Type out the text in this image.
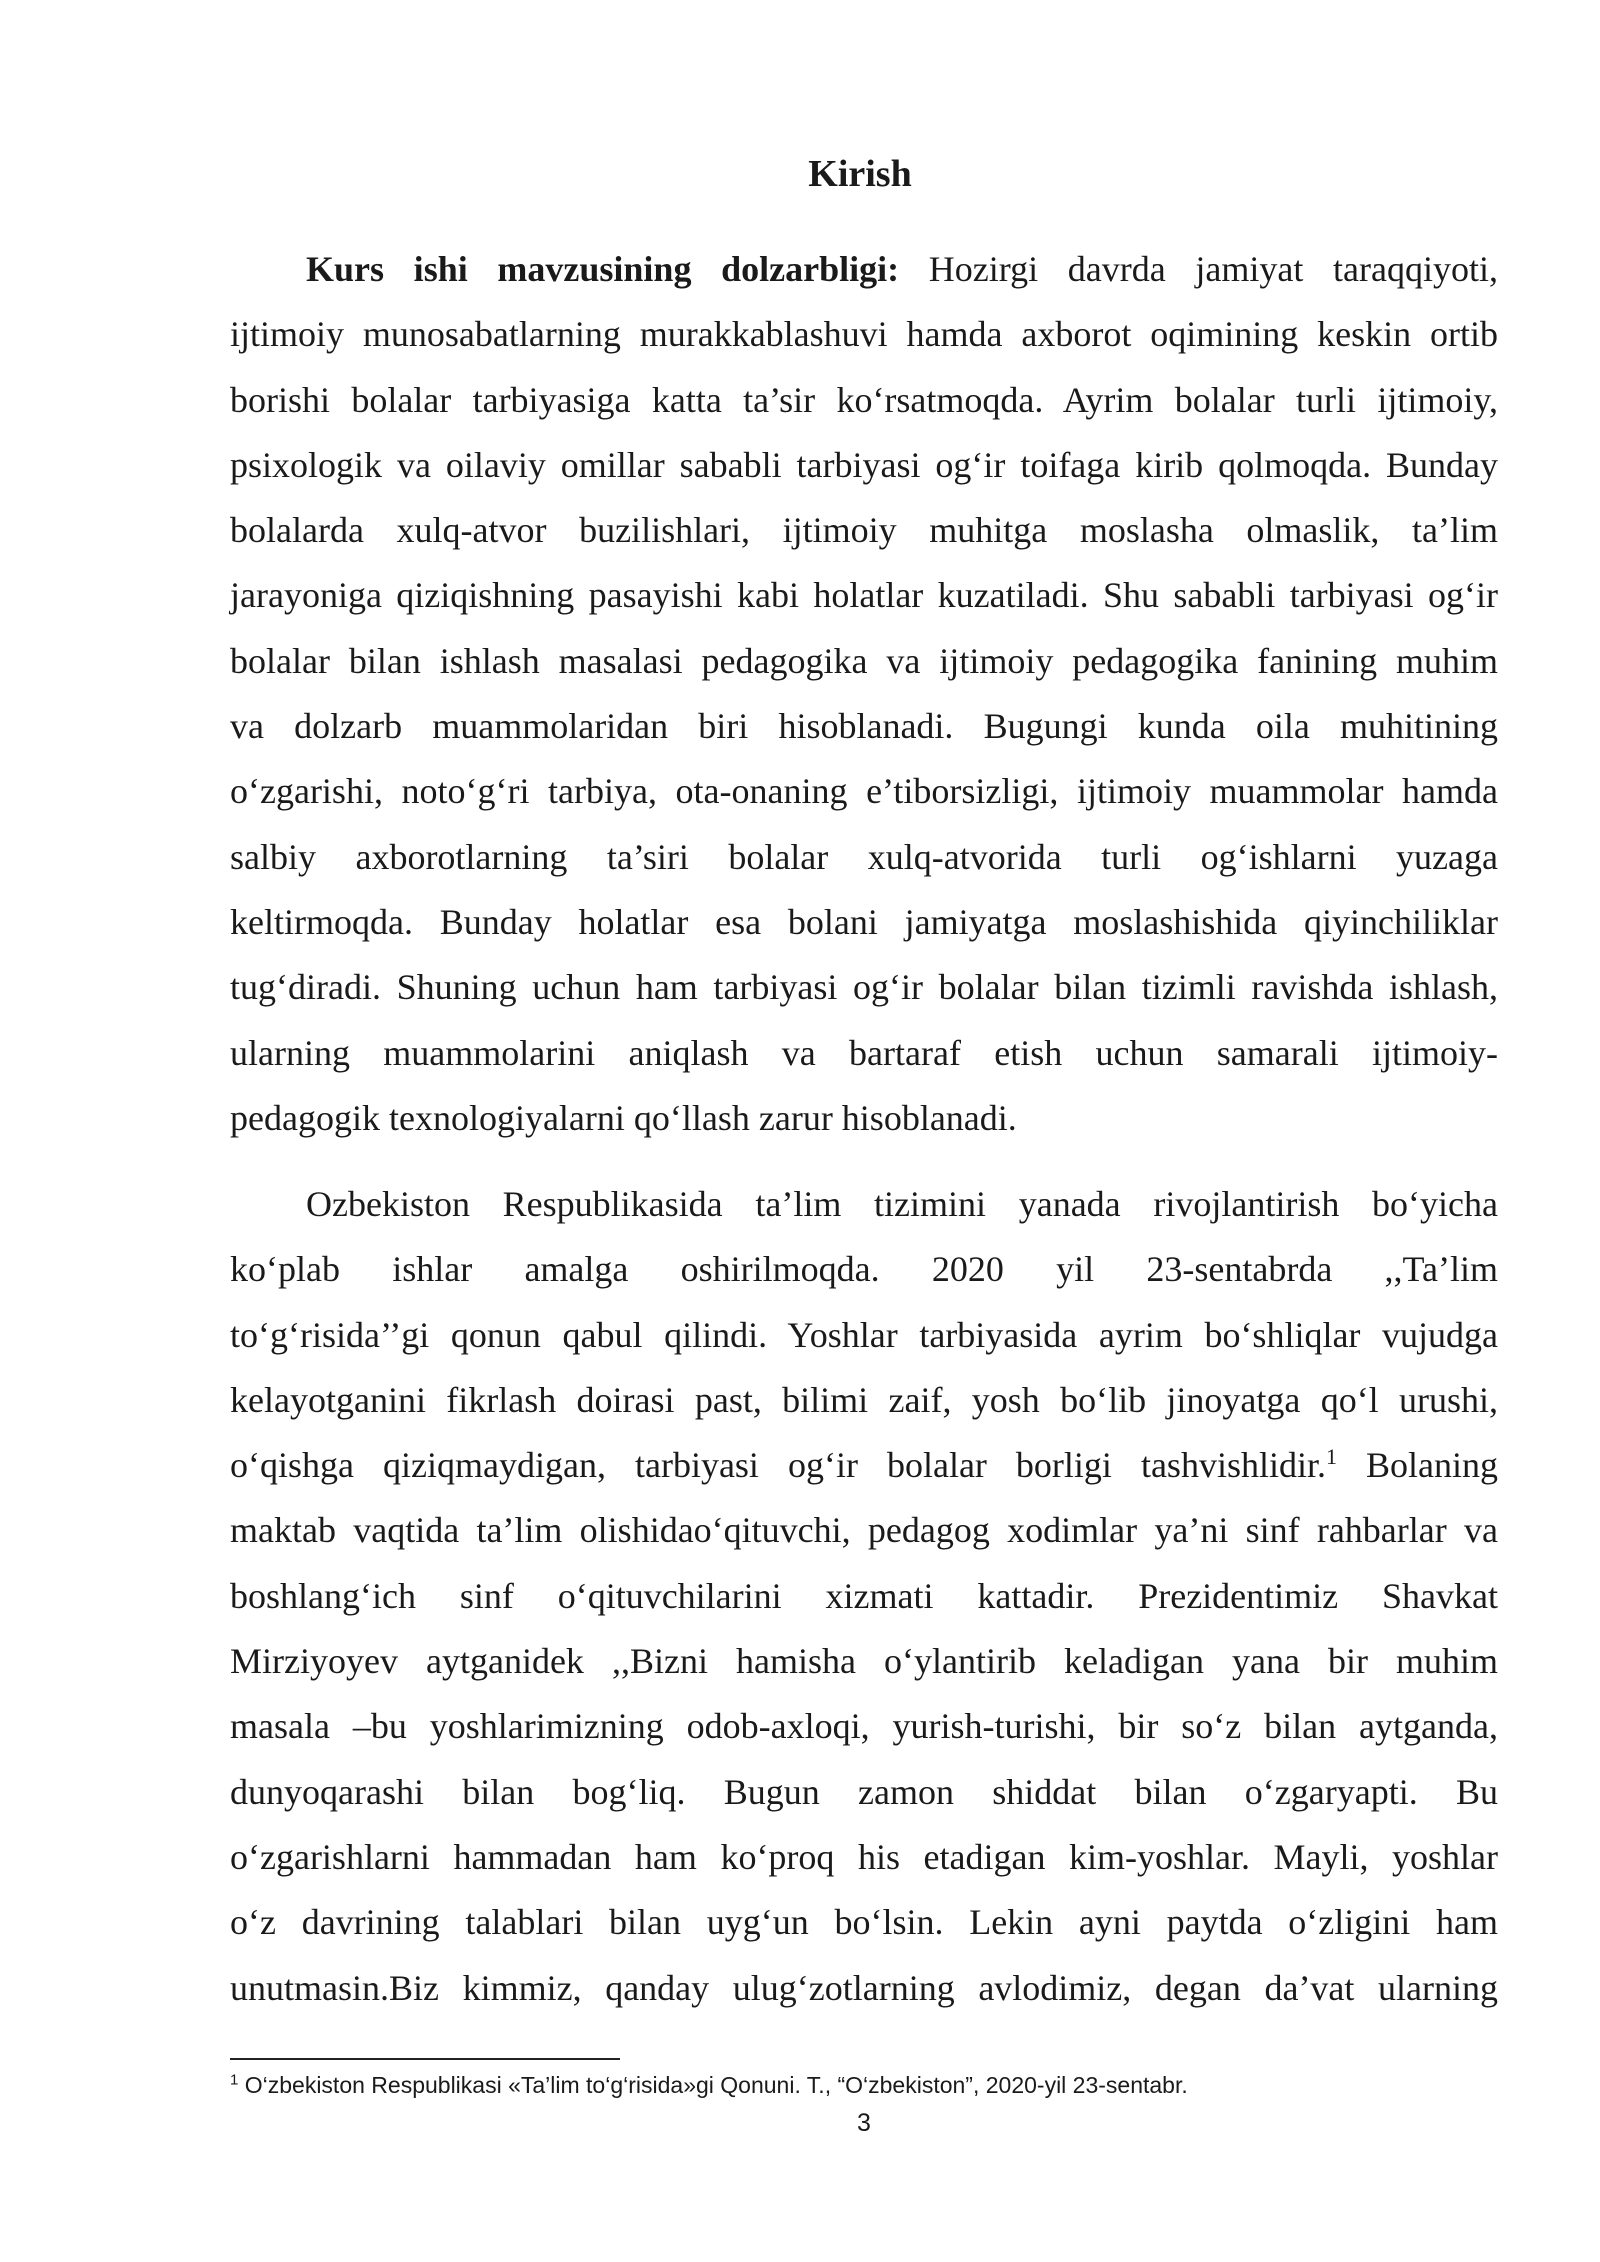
Kirish
Kurs ishi mavzusining dolzarbligi: Hozirgi davrda jamiyat taraqqiyoti,
ijtimoiy munosabatlarning murakkablashuvi hamda axborot oqimining keskin ortib
borishi bolalar tarbiyasiga katta ta’sir ko‘rsatmoqda. Ayrim bolalar turli ijtimoiy,
psixologik va oilaviy omillar sababli tarbiyasi og‘ir toifaga kirib qolmoqda. Bunday
bolalarda xulq-atvor buzilishlari, ijtimoiy muhitga moslasha olmaslik, ta’lim
jarayoniga qiziqishning pasayishi kabi holatlar kuzatiladi. Shu sababli tarbiyasi og‘ir
bolalar bilan ishlash masalasi pedagogika va ijtimoiy pedagogika fanining muhim
va dolzarb muammolaridan biri hisoblanadi. Bugungi kunda oila muhitining
o‘zgarishi, noto‘g‘ri tarbiya, ota-onaning e’tiborsizligi, ijtimoiy muammolar hamda
salbiy axborotlarning ta’siri bolalar xulq-atvorida turli og‘ishlarni yuzaga
keltirmoqda. Bunday holatlar esa bolani jamiyatga moslashishida qiyinchiliklar
tug‘diradi. Shuning uchun ham tarbiyasi og‘ir bolalar bilan tizimli ravishda ishlash,
ularning muammolarini aniqlash va bartaraf etish uchun samarali ijtimoiy-
pedagogik texnologiyalarni qo‘llash zarur hisoblanadi.
Ozbekiston Respublikasida ta’lim tizimini yanada rivojlantirish bo‘yicha
ko‘plab ishlar amalga oshirilmoqda. 2020 yil 23-sentabrda ,,Ta’lim
to‘g‘risida’’gi qonun qabul qilindi. Yoshlar tarbiyasida ayrim bo‘shliqlar vujudga
kelayotganini fikrlash doirasi past, bilimi zaif, yosh bo‘lib jinoyatga qo‘l urushi,
o‘qishga qiziqmaydigan, tarbiyasi og‘ir bolalar borligi tashvishlidir.$^1$ Bolaning
maktab vaqtida ta’lim olishidao‘qituvchi, pedagog xodimlar ya’ni sinf rahbarlar va
boshlang‘ich sinf o‘qituvchilarini xizmati kattadir. Prezidentimiz Shavkat
Mirziyoyev aytganidek ,,Bizni hamisha o‘ylantirib keladigan yana bir muhim
masala –bu yoshlarimizning odob-axloqi, yurish-turishi, bir so‘z bilan aytganda,
dunyoqarashi bilan bog‘liq. Bugun zamon shiddat bilan o‘zgaryapti. Bu
o‘zgarishlarni hammadan ham ko‘proq his etadigan kim-yoshlar. Mayli, yoshlar
o‘z davrining talablari bilan uyg‘un bo‘lsin. Lekin ayni paytda o‘zligini ham
unutmasin.Biz kimmiz, qanday ulug‘zotlarning avlodimiz, degan da’vat ularning
$^1$ O‘zbekiston Respublikasi «Ta’lim to‘g‘risida»gi Qonuni. T., “O‘zbekiston”, 2020-yil 23-sentabr.
3
